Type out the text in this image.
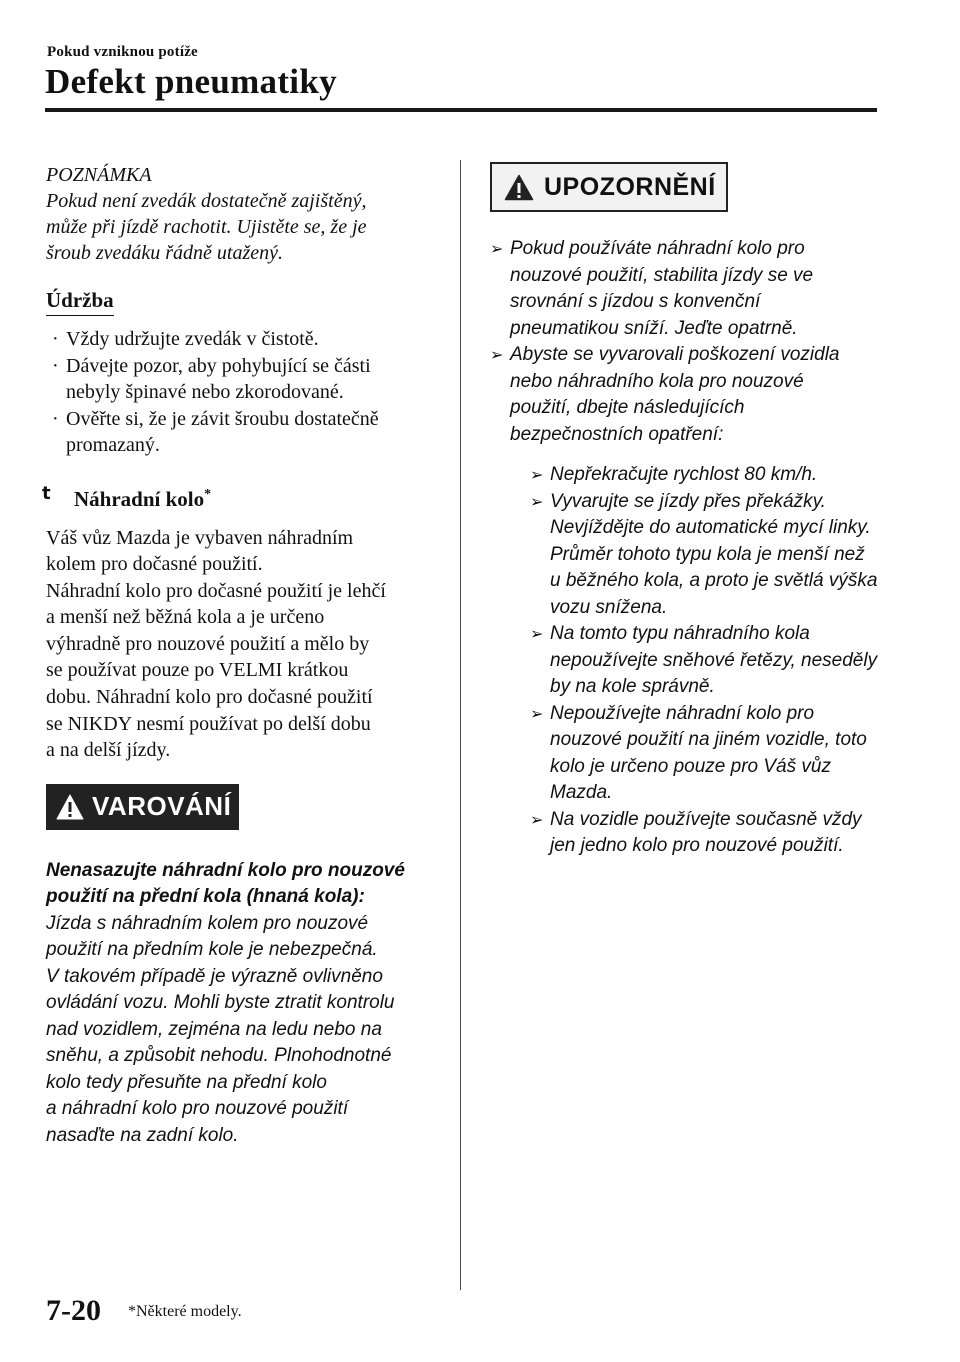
Pokud vzniknou potíže
Defekt pneumatiky
POZNÁMKA

Pokud není zvedák dostatečně zajištěný,

může při jízdě rachotit. Ujistěte se, že je

šroub zvedáku řádně utažený.

Údržba
· Vždy udržujte zvedák v čistotě.
· Dávejte pozor, aby pohybující se části
nebyly špinavé nebo zkorodované.
· Ověřte si, že je závit šroubu dostatečně
promazaný.
t Náhradní kolo*
Váš vůz Mazda je vybaven náhradním
kolem pro dočasné použití.
Náhradní kolo pro dočasné použití je lehčí
a menší než běžná kola a je určeno
výhradně pro nouzové použití a mělo by
se používat pouze po VELMI krátkou
dobu. Náhradní kolo pro dočasné použití
se NIKDY nesmí používat po delší dobu
a na delší jízdy.
VAROVÁNÍ
Nenasazujte náhradní kolo pro nouzové
použití na přední kola (hnaná kola):
Jízda s náhradním kolem pro nouzové
použití na předním kole je nebezpečná.
V takovém případě je výrazně ovlivněno
ovládání vozu. Mohli byste ztratit kontrolu
nad vozidlem, zejména na ledu nebo na
sněhu, a způsobit nehodu. Plnohodnotné
kolo tedy přesuňte na přední kolo
a náhradní kolo pro nouzové použití
nasaďte na zadní kolo.
UPOZORNĚNÍ
➢ Pokud používáte náhradní kolo pro
nouzové použití, stabilita jízdy se ve
srovnání s jízdou s konvenční
pneumatikou sníží. Jeďte opatrně.
➢ Abyste se vyvarovali poškození vozidla
nebo náhradního kola pro nouzové
použití, dbejte následujících
bezpečnostních opatření:
➢ Nepřekračujte rychlost 80 km/h.
➢ Vyvarujte se jízdy přes překážky.
Nevjíždějte do automatické mycí linky.
Průměr tohoto typu kola je menší než
u běžného kola, a proto je světlá výška
vozu snížena.
➢ Na tomto typu náhradního kola
nepoužívejte sněhové řetězy, neseděly
by na kole správně.
➢ Nepoužívejte náhradní kolo pro
nouzové použití na jiném vozidle, toto
kolo je určeno pouze pro Váš vůz
Mazda.
➢ Na vozidle používejte současně vždy
jen jedno kolo pro nouzové použití.
7-20 *Některé modely.
